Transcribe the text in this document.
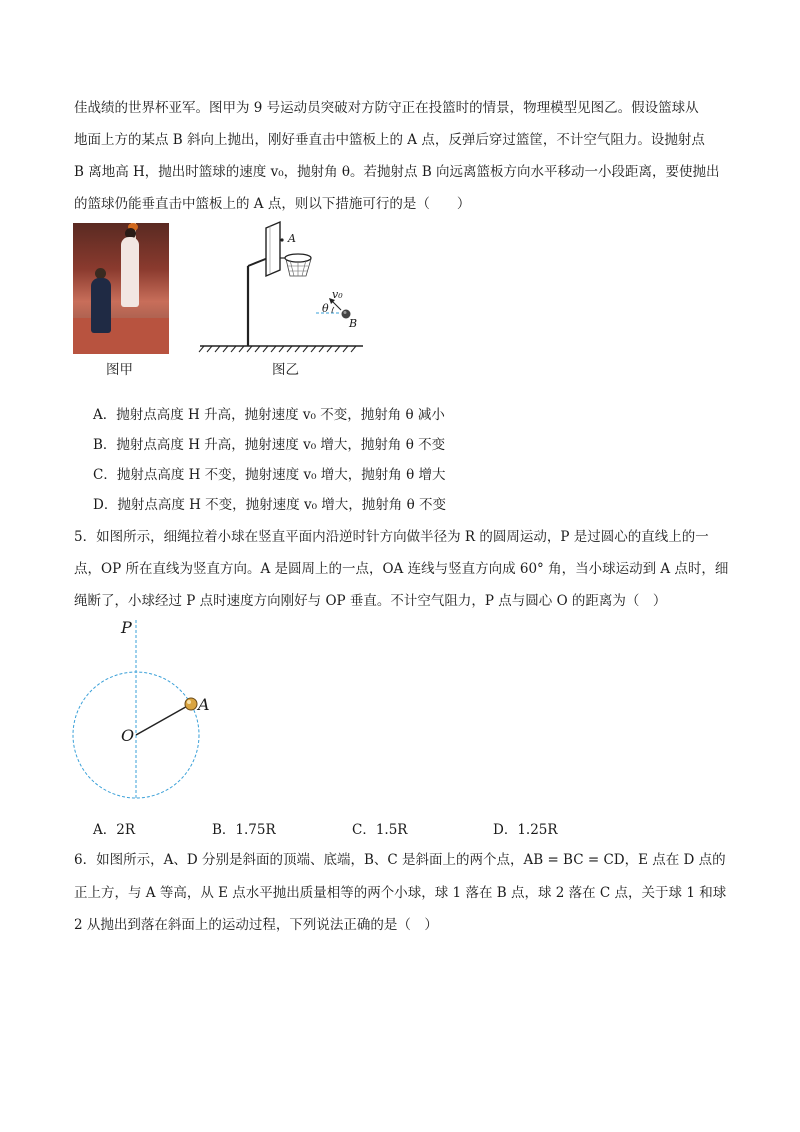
佳战绩的世界杯亚军。图甲为 9 号运动员突破对方防守正在投篮时的情景，物理模型见图乙。假设篮球从
地面上方的某点 B 斜向上抛出，刚好垂直击中篮板上的 A 点，反弹后穿过篮筐，不计空气阻力。设抛射点
B 离地高 H，抛出时篮球的速度 v₀，抛射角 θ。若抛射点 B 向远离篮板方向水平移动一小段距离，要使抛出
的篮球仍能垂直击中篮板上的 A 点，则以下措施可行的是（　　）
图甲
A
v₀
θ
B
图乙
A．抛射点高度 H 升高，抛射速度 v₀ 不变，抛射角 θ 减小
B．抛射点高度 H 升高，抛射速度 v₀ 增大，抛射角 θ 不变
C．抛射点高度 H 不变，抛射速度 v₀ 增大，抛射角 θ 增大
D．抛射点高度 H 不变，抛射速度 v₀ 增大，抛射角 θ 不变
5．如图所示，细绳拉着小球在竖直平面内沿逆时针方向做半径为 R 的圆周运动，P 是过圆心的直线上的一
点，OP 所在直线为竖直方向。A 是圆周上的一点，OA 连线与竖直方向成 60° 角，当小球运动到 A 点时，细
绳断了，小球经过 P 点时速度方向刚好与 OP 垂直。不计空气阻力，P 点与圆心 O 的距离为（　）
P
O
A
A．2R	B．1.75R	C．1.5R	D．1.25R
6．如图所示，A、D 分别是斜面的顶端、底端，B、C 是斜面上的两个点，AB = BC = CD，E 点在 D 点的
正上方，与 A 等高，从 E 点水平抛出质量相等的两个小球，球 1 落在 B 点，球 2 落在 C 点，关于球 1 和球
2 从抛出到落在斜面上的运动过程，下列说法正确的是（　）
